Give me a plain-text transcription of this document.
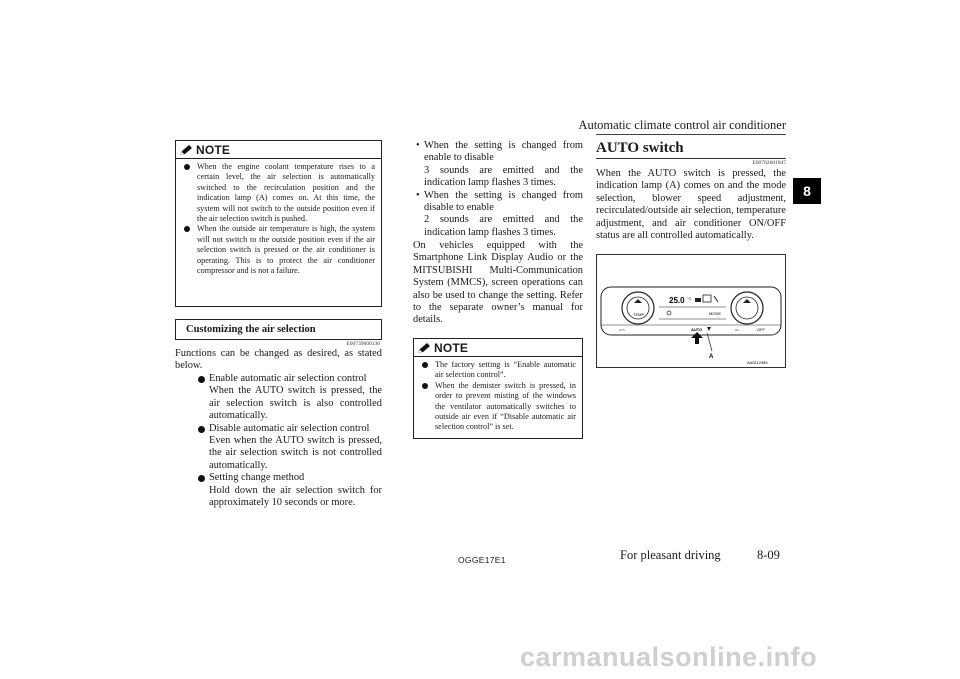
Automatic climate control air conditioner
8
NOTE
When the engine coolant temperature rises to a certain level, the air selection is automatically switched to the recirculation position and the indication lamp (A) comes on. At this time, the system will not switch to the outside position even if the air selection switch is pushed.
When the outside air temperature is high, the system will not switch to the outside position even if the air selection switch is pressed or the air conditioner is operating. This is to protect the air conditioner compressor and is not a failure.
Customizing the air selection
E00739600136
Functions can be changed as desired, as stated below.
Enable automatic air selection control
When the AUTO switch is pressed, the air selection switch is also controlled automatically.
Disable automatic air selection control
Even when the AUTO switch is pressed, the air selection switch is not controlled automatically.
Setting change method
Hold down the air selection switch for approximately 10 seconds or more.
• When the setting is changed from enable to disable
3 sounds are emitted and the indication lamp flashes 3 times.
• When the setting is changed from disable to enable
2 sounds are emitted and the indication lamp flashes 3 times.
On vehicles equipped with the Smartphone Link Display Audio or the MITSUBISHI Multi-Communication System (MMCS), screen operations can also be used to change the setting. Refer to the separate owner’s manual for details.
NOTE
The factory setting is “Enable automatic air selection control”.
When the demister switch is pressed, in order to prevent misting of the windows the ventilator automatically switches to outside air even if “Disable automatic air selection control” is set.
AUTO switch
E00702601047
When the AUTO switch is pressed, the indication lamp (A) comes on and the mode selection, blower speed adjustment, recirculated/outside air selection, temperature adjustment, and air conditioner ON/OFF status are all controlled automatically.
TEMP
25.0 °C
MODE
▭∿	AUTO	▭	OFF
A
AA0112385
OGGE17E1	For pleasant driving	8-09
carmanualsonline.info
